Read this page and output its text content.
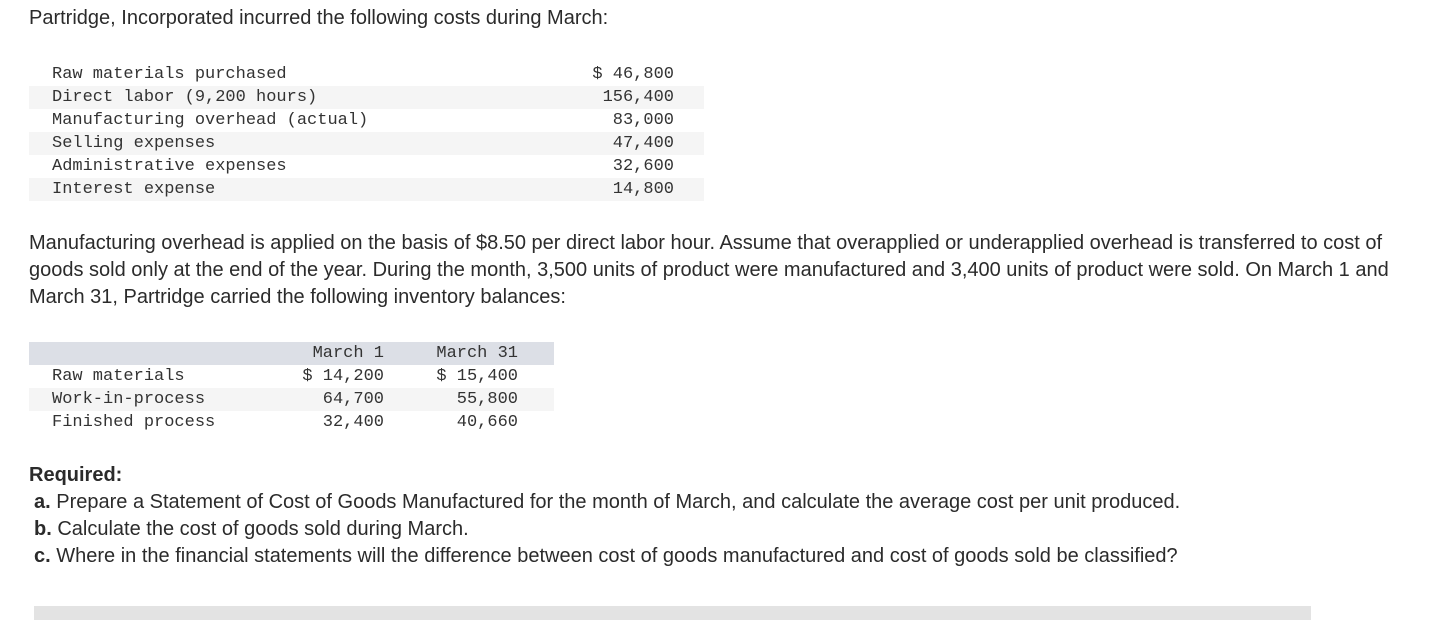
Partridge, Incorporated incurred the following costs during March:

Raw materials purchased	$ 46,800
Direct labor (9,200 hours)	156,400
Manufacturing overhead (actual)	83,000
Selling expenses	47,400
Administrative expenses	32,600
Interest expense	14,800

Manufacturing overhead is applied on the basis of $8.50 per direct labor hour. Assume that overapplied or underapplied overhead is transferred to cost of goods sold only at the end of the year. During the month, 3,500 units of product were manufactured and 3,400 units of product were sold. On March 1 and March 31, Partridge carried the following inventory balances:

	March 1	March 31
Raw materials	$ 14,200	$ 15,400
Work-in-process	64,700	55,800
Finished process	32,400	40,660
Required:
a. Prepare a Statement of Cost of Goods Manufactured for the month of March, and calculate the average cost per unit produced.
b. Calculate the cost of goods sold during March.
c. Where in the financial statements will the difference between cost of goods manufactured and cost of goods sold be classified?
